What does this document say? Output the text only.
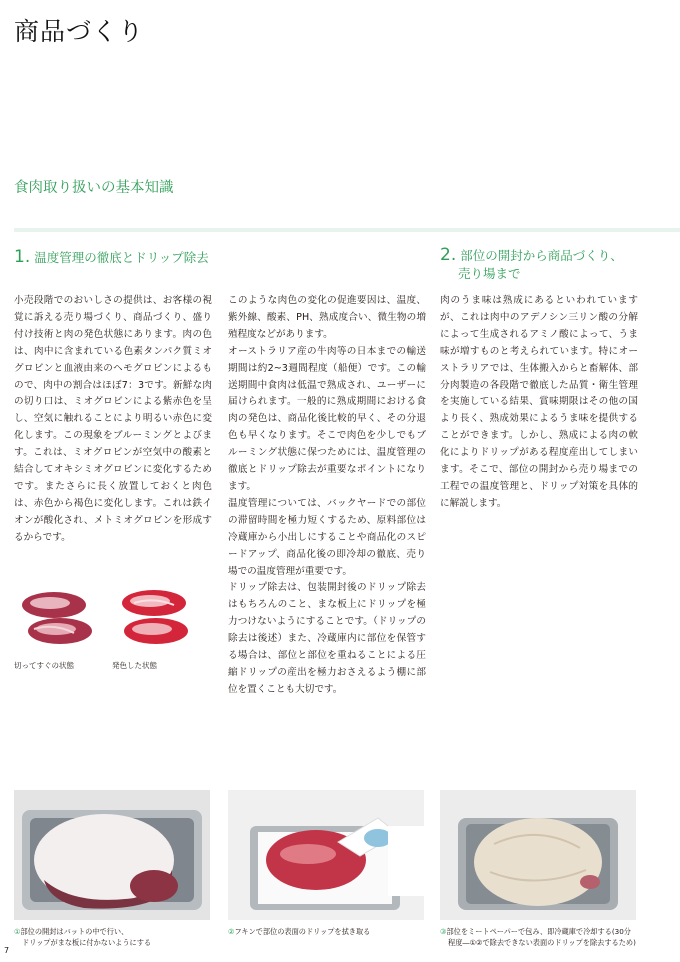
商品づくり
食肉取り扱いの基本知識
1. 温度管理の徹底とドリップ除去	2. 部位の開封から商品づくり、
売り場まで

小売段階でのおいしさの提供は、お客様の視覚に訴える売り場づくり、商品づくり、盛り付け技術と肉の発色状態にあります。肉の色は、肉中に含まれている色素タンパク質ミオグロビンと血液由来のヘモグロビンによるもので、肉中の割合はほぼ7：3です。新鮮な肉の切り口は、ミオグロビンによる紫赤色を呈し、空気に触れることにより明るい赤色に変化します。この現象をブルーミングとよびます。これは、ミオグロビンが空気中の酸素と結合してオキシミオグロビンに変化するためです。またさらに長く放置しておくと肉色は、赤色から褐色に変化します。これは鉄イオンが酸化され、メトミオグロビンを形成するからです。

このような肉色の変化の促進要因は、温度、紫外線、酸素、PH、熟成度合い、微生物の増殖程度などがあります。

オーストラリア産の牛肉等の日本までの輸送期間は約2~3週間程度（船便）です。この輸送期間中食肉は低温で熟成され、ユーザーに届けられます。一般的に熟成期間における食肉の発色は、商品化後比較的早く、その分退色も早くなります。そこで肉色を少しでもブルーミング状態に保つためには、温度管理の徹底とドリップ除去が重要なポイントになります。

温度管理については、バックヤードでの部位の滞留時間を極力短くするため、原料部位は冷蔵庫から小出しにすることや商品化のスピードアップ、商品化後の即冷却の徹底、売り場での温度管理が重要です。

ドリップ除去は、包装開封後のドリップ除去はもちろんのこと、まな板上にドリップを極力つけないようにすることです。（ドリップの除去は後述）また、冷蔵庫内に部位を保管する場合は、部位と部位を重ねることによる圧縮ドリップの産出を極力おさえるよう棚に部位を置くことも大切です。

肉のうま味は熟成にあるといわれていますが、これは肉中のアデノシン三リン酸の分解によって生成されるアミノ酸によって、うま味が増すものと考えられています。特にオーストラリアでは、生体搬入からと畜解体、部分肉製造の各段階で徹底した品質・衛生管理を実施している結果、賞味期限はその他の国より長く、熟成効果によるうま味を提供することができます。しかし、熟成による肉の軟化によりドリップがある程度産出してしまいます。そこで、部位の開封から売り場までの工程での温度管理と、ドリップ対策を具体的に解説します。

切ってすぐの状態	発色した状態
①部位の開封はバットの中で行い、
ドリップがまな板に付かないようにする
②フキンで部位の表面のドリップを拭き取る	③部位をミートペーパーで包み、即冷蔵庫で冷却する(30分
程度―①②で除去できない表面のドリップを除去するため)
7
